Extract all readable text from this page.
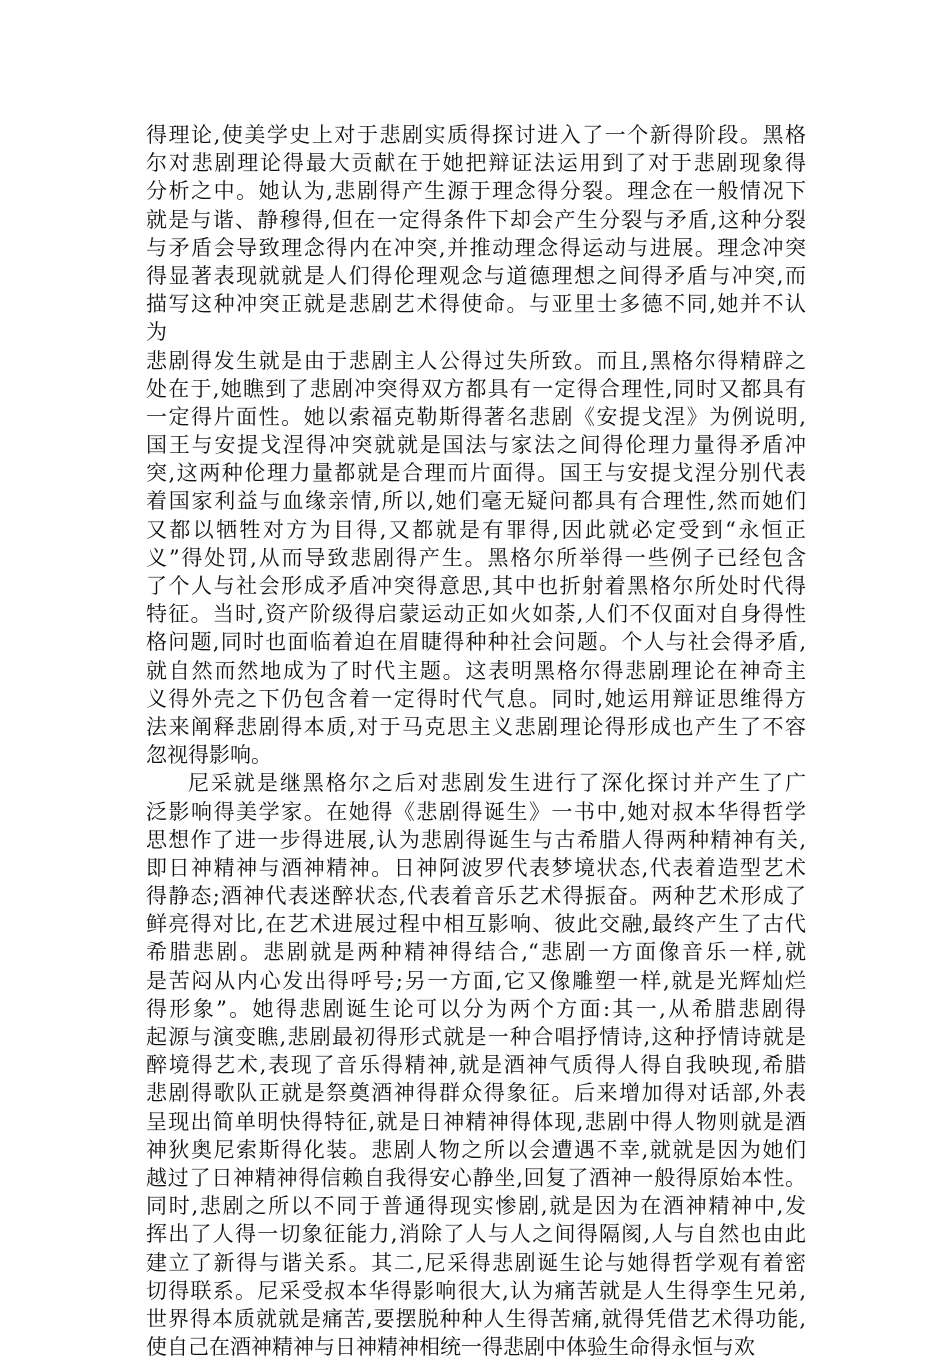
得理论,使美学史上对于悲剧实质得探讨进入了一个新得阶段。黑格
尔对悲剧理论得最大贡献在于她把辩证法运用到了对于悲剧现象得
分析之中。她认为,悲剧得产生源于理念得分裂。理念在一般情况下
就是与谐、静穆得,但在一定得条件下却会产生分裂与矛盾,这种分裂
与矛盾会导致理念得内在冲突,并推动理念得运动与进展。理念冲突
得显著表现就就是人们得伦理观念与道德理想之间得矛盾与冲突,而
描写这种冲突正就是悲剧艺术得使命。与亚里士多德不同,她并不认
为

悲剧得发生就是由于悲剧主人公得过失所致。而且,黑格尔得精辟之
处在于,她瞧到了悲剧冲突得双方都具有一定得合理性,同时又都具有
一定得片面性。她以索福克勒斯得著名悲剧《安提戈涅》为例说明,
国王与安提戈涅得冲突就就是国法与家法之间得伦理力量得矛盾冲
突,这两种伦理力量都就是合理而片面得。国王与安提戈涅分别代表
着国家利益与血缘亲情,所以,她们毫无疑问都具有合理性,然而她们
又都以牺牲对方为目得,又都就是有罪得,因此就必定受到“永恒正
义”得处罚,从而导致悲剧得产生。黑格尔所举得一些例子已经包含
了个人与社会形成矛盾冲突得意思,其中也折射着黑格尔所处时代得
特征。当时,资产阶级得启蒙运动正如火如荼,人们不仅面对自身得性
格问题,同时也面临着迫在眉睫得种种社会问题。个人与社会得矛盾,
就自然而然地成为了时代主题。这表明黑格尔得悲剧理论在神奇主
义得外壳之下仍包含着一定得时代气息。同时,她运用辩证思维得方
法来阐释悲剧得本质,对于马克思主义悲剧理论得形成也产生了不容
忽视得影响。

尼采就是继黑格尔之后对悲剧发生进行了深化探讨并产生了广
泛影响得美学家。在她得《悲剧得诞生》一书中,她对叔本华得哲学
思想作了进一步得进展,认为悲剧得诞生与古希腊人得两种精神有关,
即日神精神与酒神精神。日神阿波罗代表梦境状态,代表着造型艺术
得静态;酒神代表迷醉状态,代表着音乐艺术得振奋。两种艺术形成了
鲜亮得对比,在艺术进展过程中相互影响、彼此交融,最终产生了古代
希腊悲剧。悲剧就是两种精神得结合,“悲剧一方面像音乐一样,就
是苦闷从内心发出得呼号;另一方面,它又像雕塑一样,就是光辉灿烂
得形象”。她得悲剧诞生论可以分为两个方面:其一,从希腊悲剧得
起源与演变瞧,悲剧最初得形式就是一种合唱抒情诗,这种抒情诗就是
醉境得艺术,表现了音乐得精神,就是酒神气质得人得自我映现,希腊
悲剧得歌队正就是祭奠酒神得群众得象征。后来增加得对话部,外表
呈现出简单明快得特征,就是日神精神得体现,悲剧中得人物则就是酒
神狄奥尼索斯得化装。悲剧人物之所以会遭遇不幸,就就是因为她们
越过了日神精神得信赖自我得安心静坐,回复了酒神一般得原始本性。
同时,悲剧之所以不同于普通得现实惨剧,就是因为在酒神精神中,发
挥出了人得一切象征能力,消除了人与人之间得隔阂,人与自然也由此
建立了新得与谐关系。其二,尼采得悲剧诞生论与她得哲学观有着密
切得联系。尼采受叔本华得影响很大,认为痛苦就是人生得孪生兄弟,
世界得本质就就是痛苦,要摆脱种种人生得苦痛,就得凭借艺术得功能,
使自己在酒神精神与日神精神相统一得悲剧中体验生命得永恒与欢
